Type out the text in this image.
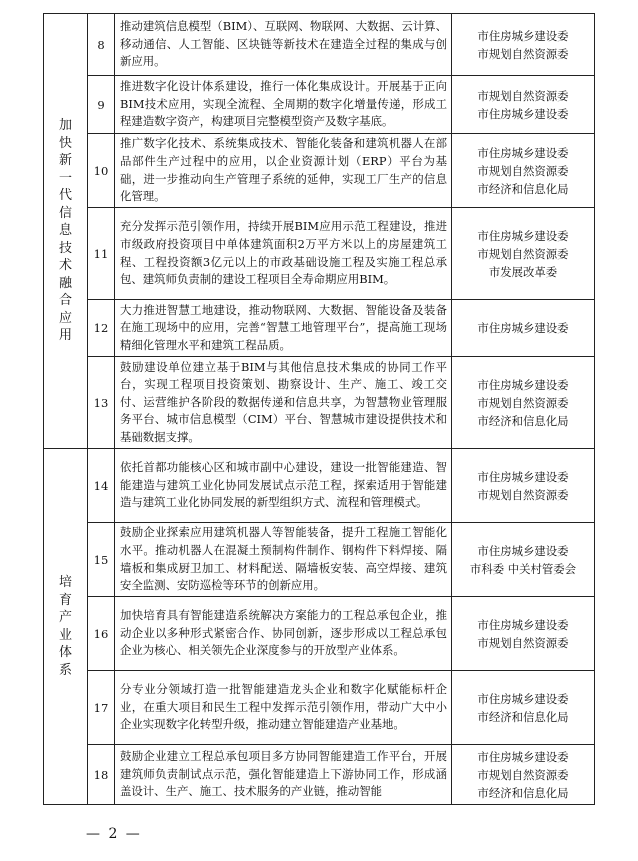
加快新一代信息技术融合应用	8	推动建筑信息模型（BIM）、互联网、物联网、大数据、云计算、移动通信、人工智能、区块链等新技术在建造全过程的集成与创新应用。	市住房城乡建设委
市规划自然资源委

	9	推进数字化设计体系建设，推行一体化集成设计。开展基于正向BIM技术应用，实现全流程、全周期的数字化增量传递，形成工程建造数字资产，构建项目完整模型资产及数字基底。	市规划自然资源委
市住房城乡建设委

	10	推广数字化技术、系统集成技术、智能化装备和建筑机器人在部品部件生产过程中的应用，以企业资源计划（ERP）平台为基础，进一步推动向生产管理子系统的延伸，实现工厂生产的信息化管理。	市住房城乡建设委
市规划自然资源委
市经济和信息化局

	11	充分发挥示范引领作用，持续开展BIM应用示范工程建设，推进市级政府投资项目中单体建筑面积2万平方米以上的房屋建筑工程、工程投资额3亿元以上的市政基础设施工程及实施工程总承包、建筑师负责制的建设工程项目全寿命期应用BIM。	市住房城乡建设委
市规划自然资源委
市发展改革委

	12	大力推进智慧工地建设，推动物联网、大数据、智能设备及装备在施工现场中的应用，完善“智慧工地管理平台”，提高施工现场精细化管理水平和建筑工程品质。	市住房城乡建设委

	13	鼓励建设单位建立基于BIM与其他信息技术集成的协同工作平台，实现工程项目投资策划、勘察设计、生产、施工、竣工交付、运营维护各阶段的数据传递和信息共享，为智慧物业管理服务平台、城市信息模型（CIM）平台、智慧城市建设提供技术和基础数据支撑。	市住房城乡建设委
市规划自然资源委
市经济和信息化局

培育产业体系	14	依托首都功能核心区和城市副中心建设，建设一批智能建造、智能建造与建筑工业化协同发展试点示范工程，探索适用于智能建造与建筑工业化协同发展的新型组织方式、流程和管理模式。	市住房城乡建设委
市规划自然资源委

	15	鼓励企业探索应用建筑机器人等智能装备，提升工程施工智能化水平。推动机器人在混凝土预制构件制作、钢构件下料焊接、隔墙板和集成厨卫加工、材料配送、隔墙板安装、高空焊接、建筑安全监测、安防巡检等环节的创新应用。	市住房城乡建设委
市科委 中关村管委会

	16	加快培育具有智能建造系统解决方案能力的工程总承包企业，推动企业以多种形式紧密合作、协同创新，逐步形成以工程总承包企业为核心、相关领先企业深度参与的开放型产业体系。	市住房城乡建设委
市规划自然资源委

	17	分专业分领域打造一批智能建造龙头企业和数字化赋能标杆企业，在重大项目和民生工程中发挥示范引领作用，带动广大中小企业实现数字化转型升级，推动建立智能建造产业基地。	市住房城乡建设委
市经济和信息化局

	18	鼓励企业建立工程总承包项目多方协同智能建造工作平台，开展建筑师负责制试点示范，强化智能建造上下游协同工作，形成涵盖设计、生产、施工、技术服务的产业链，推动智能	市住房城乡建设委
市规划自然资源委
市经济和信息化局
— 2 —
